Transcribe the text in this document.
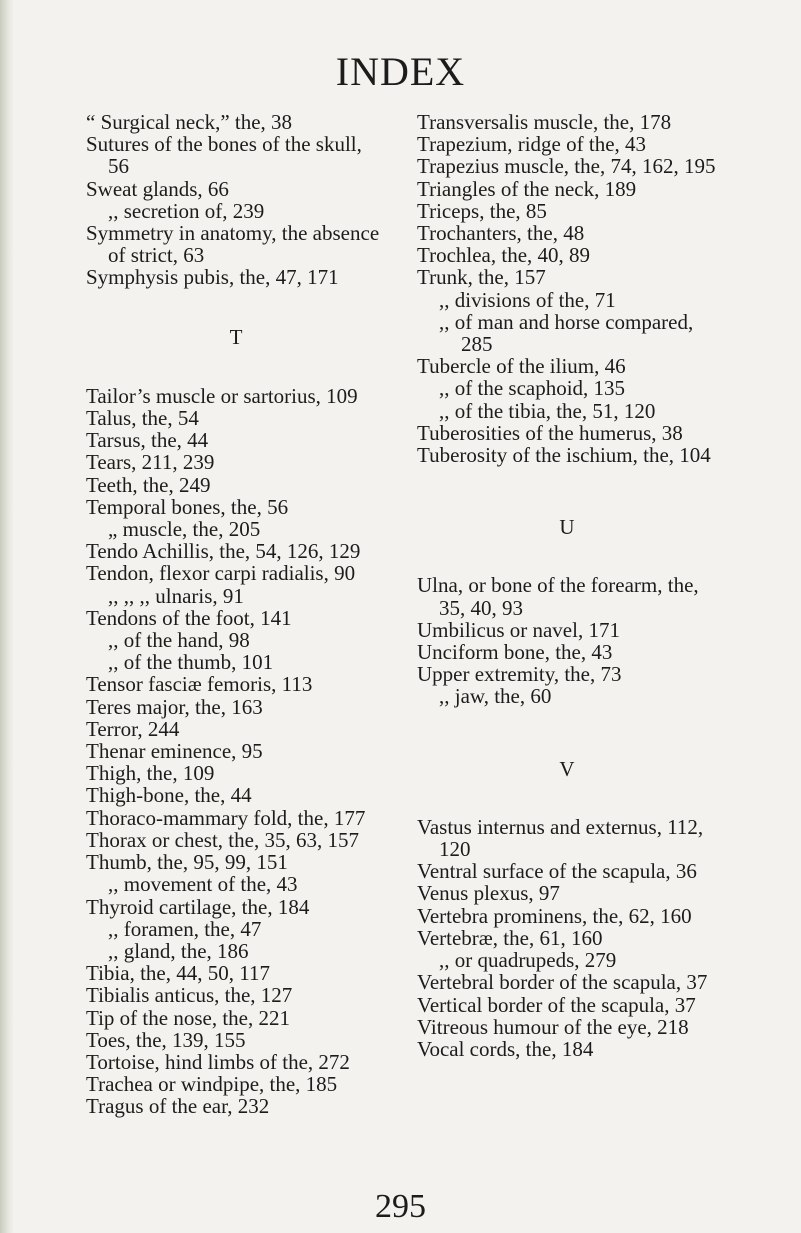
INDEX

“ Surgical neck,” the, 38

Sutures of the bones of the skull, 56

Sweat glands, 66

,, secretion of, 239

Symmetry in anatomy, the absence of strict, 63

Symphysis pubis, the, 47, 171

T

Tailor’s muscle or sartorius, 109

Talus, the, 54

Tarsus, the, 44

Tears, 211, 239

Teeth, the, 249

Temporal bones, the, 56

„ muscle, the, 205

Tendo Achillis, the, 54, 126, 129

Tendon, flexor carpi radialis, 90

,, ,, ,, ulnaris, 91

Tendons of the foot, 141

,, of the hand, 98

,, of the thumb, 101

Tensor fasciæ femoris, 113

Teres major, the, 163

Terror, 244

Thenar eminence, 95

Thigh, the, 109

Thigh-bone, the, 44

Thoraco-mammary fold, the, 177

Thorax or chest, the, 35, 63, 157

Thumb, the, 95, 99, 151

,, movement of the, 43

Thyroid cartilage, the, 184

,, foramen, the, 47

,, gland, the, 186

Tibia, the, 44, 50, 117

Tibialis anticus, the, 127

Tip of the nose, the, 221

Toes, the, 139, 155

Tortoise, hind limbs of the, 272

Trachea or windpipe, the, 185

Tragus of the ear, 232

Transversalis muscle, the, 178

Trapezium, ridge of the, 43

Trapezius muscle, the, 74, 162, 195

Triangles of the neck, 189

Triceps, the, 85

Trochanters, the, 48

Trochlea, the, 40, 89

Trunk, the, 157

,, divisions of the, 71

,, of man and horse compared, 285

Tubercle of the ilium, 46

,, of the scaphoid, 135

,, of the tibia, the, 51, 120

Tuberosities of the humerus, 38

Tuberosity of the ischium, the, 104

U

Ulna, or bone of the forearm, the, 35, 40, 93

Umbilicus or navel, 171

Unciform bone, the, 43

Upper extremity, the, 73

,, jaw, the, 60

V

Vastus internus and externus, 112, 120

Ventral surface of the scapula, 36

Venus plexus, 97

Vertebra prominens, the, 62, 160

Vertebræ, the, 61, 160

,, or quadrupeds, 279

Vertebral border of the scapula, 37

Vertical border of the scapula, 37

Vitreous humour of the eye, 218

Vocal cords, the, 184

295
